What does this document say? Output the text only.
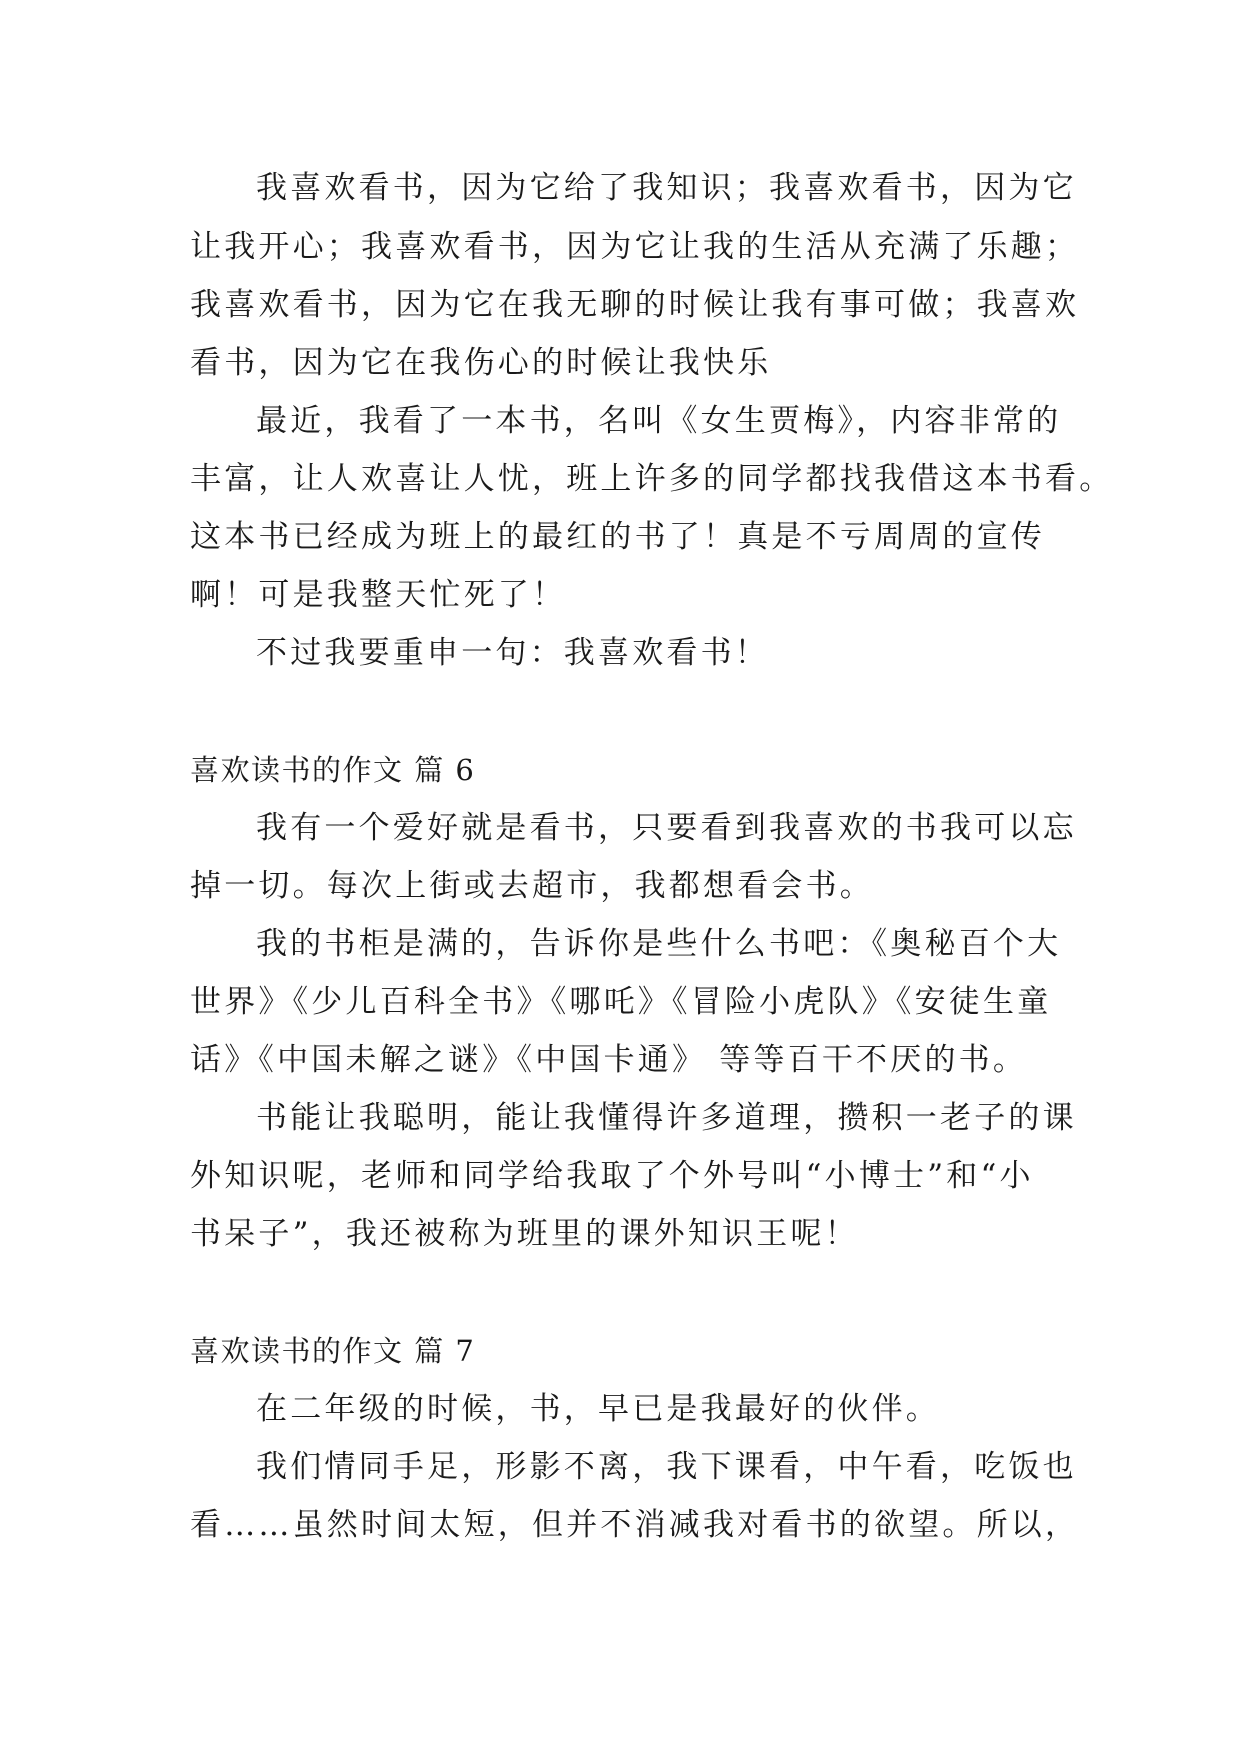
我喜欢看书，因为它给了我知识；我喜欢看书，因为它
让我开心；我喜欢看书，因为它让我的生活从充满了乐趣；
我喜欢看书，因为它在我无聊的时候让我有事可做；我喜欢
看书，因为它在我伤心的时候让我快乐
最近，我看了一本书，名叫《女生贾梅》，内容非常的
丰富，让人欢喜让人忧，班上许多的同学都找我借这本书看。
这本书已经成为班上的最红的书了！真是不亏周周的宣传
啊！可是我整天忙死了！
不过我要重申一句：我喜欢看书！
喜欢读书的作文 篇 6
我有一个爱好就是看书，只要看到我喜欢的书我可以忘
掉一切。每次上街或去超市，我都想看会书。
我的书柜是满的，告诉你是些什么书吧：《奥秘百个大
世界》《少儿百科全书》《哪吒》《冒险小虎队》《安徒生童
话》《中国未解之谜》《中国卡通》 等等百干不厌的书。
书能让我聪明，能让我懂得许多道理，攒积一老子的课
外知识呢，老师和同学给我取了个外号叫“小博士”和“小
书呆子”，我还被称为班里的课外知识王呢！
喜欢读书的作文 篇 7
在二年级的时候，书，早已是我最好的伙伴。
我们情同手足，形影不离，我下课看，中午看，吃饭也
看……虽然时间太短，但并不消减我对看书的欲望。所以，
